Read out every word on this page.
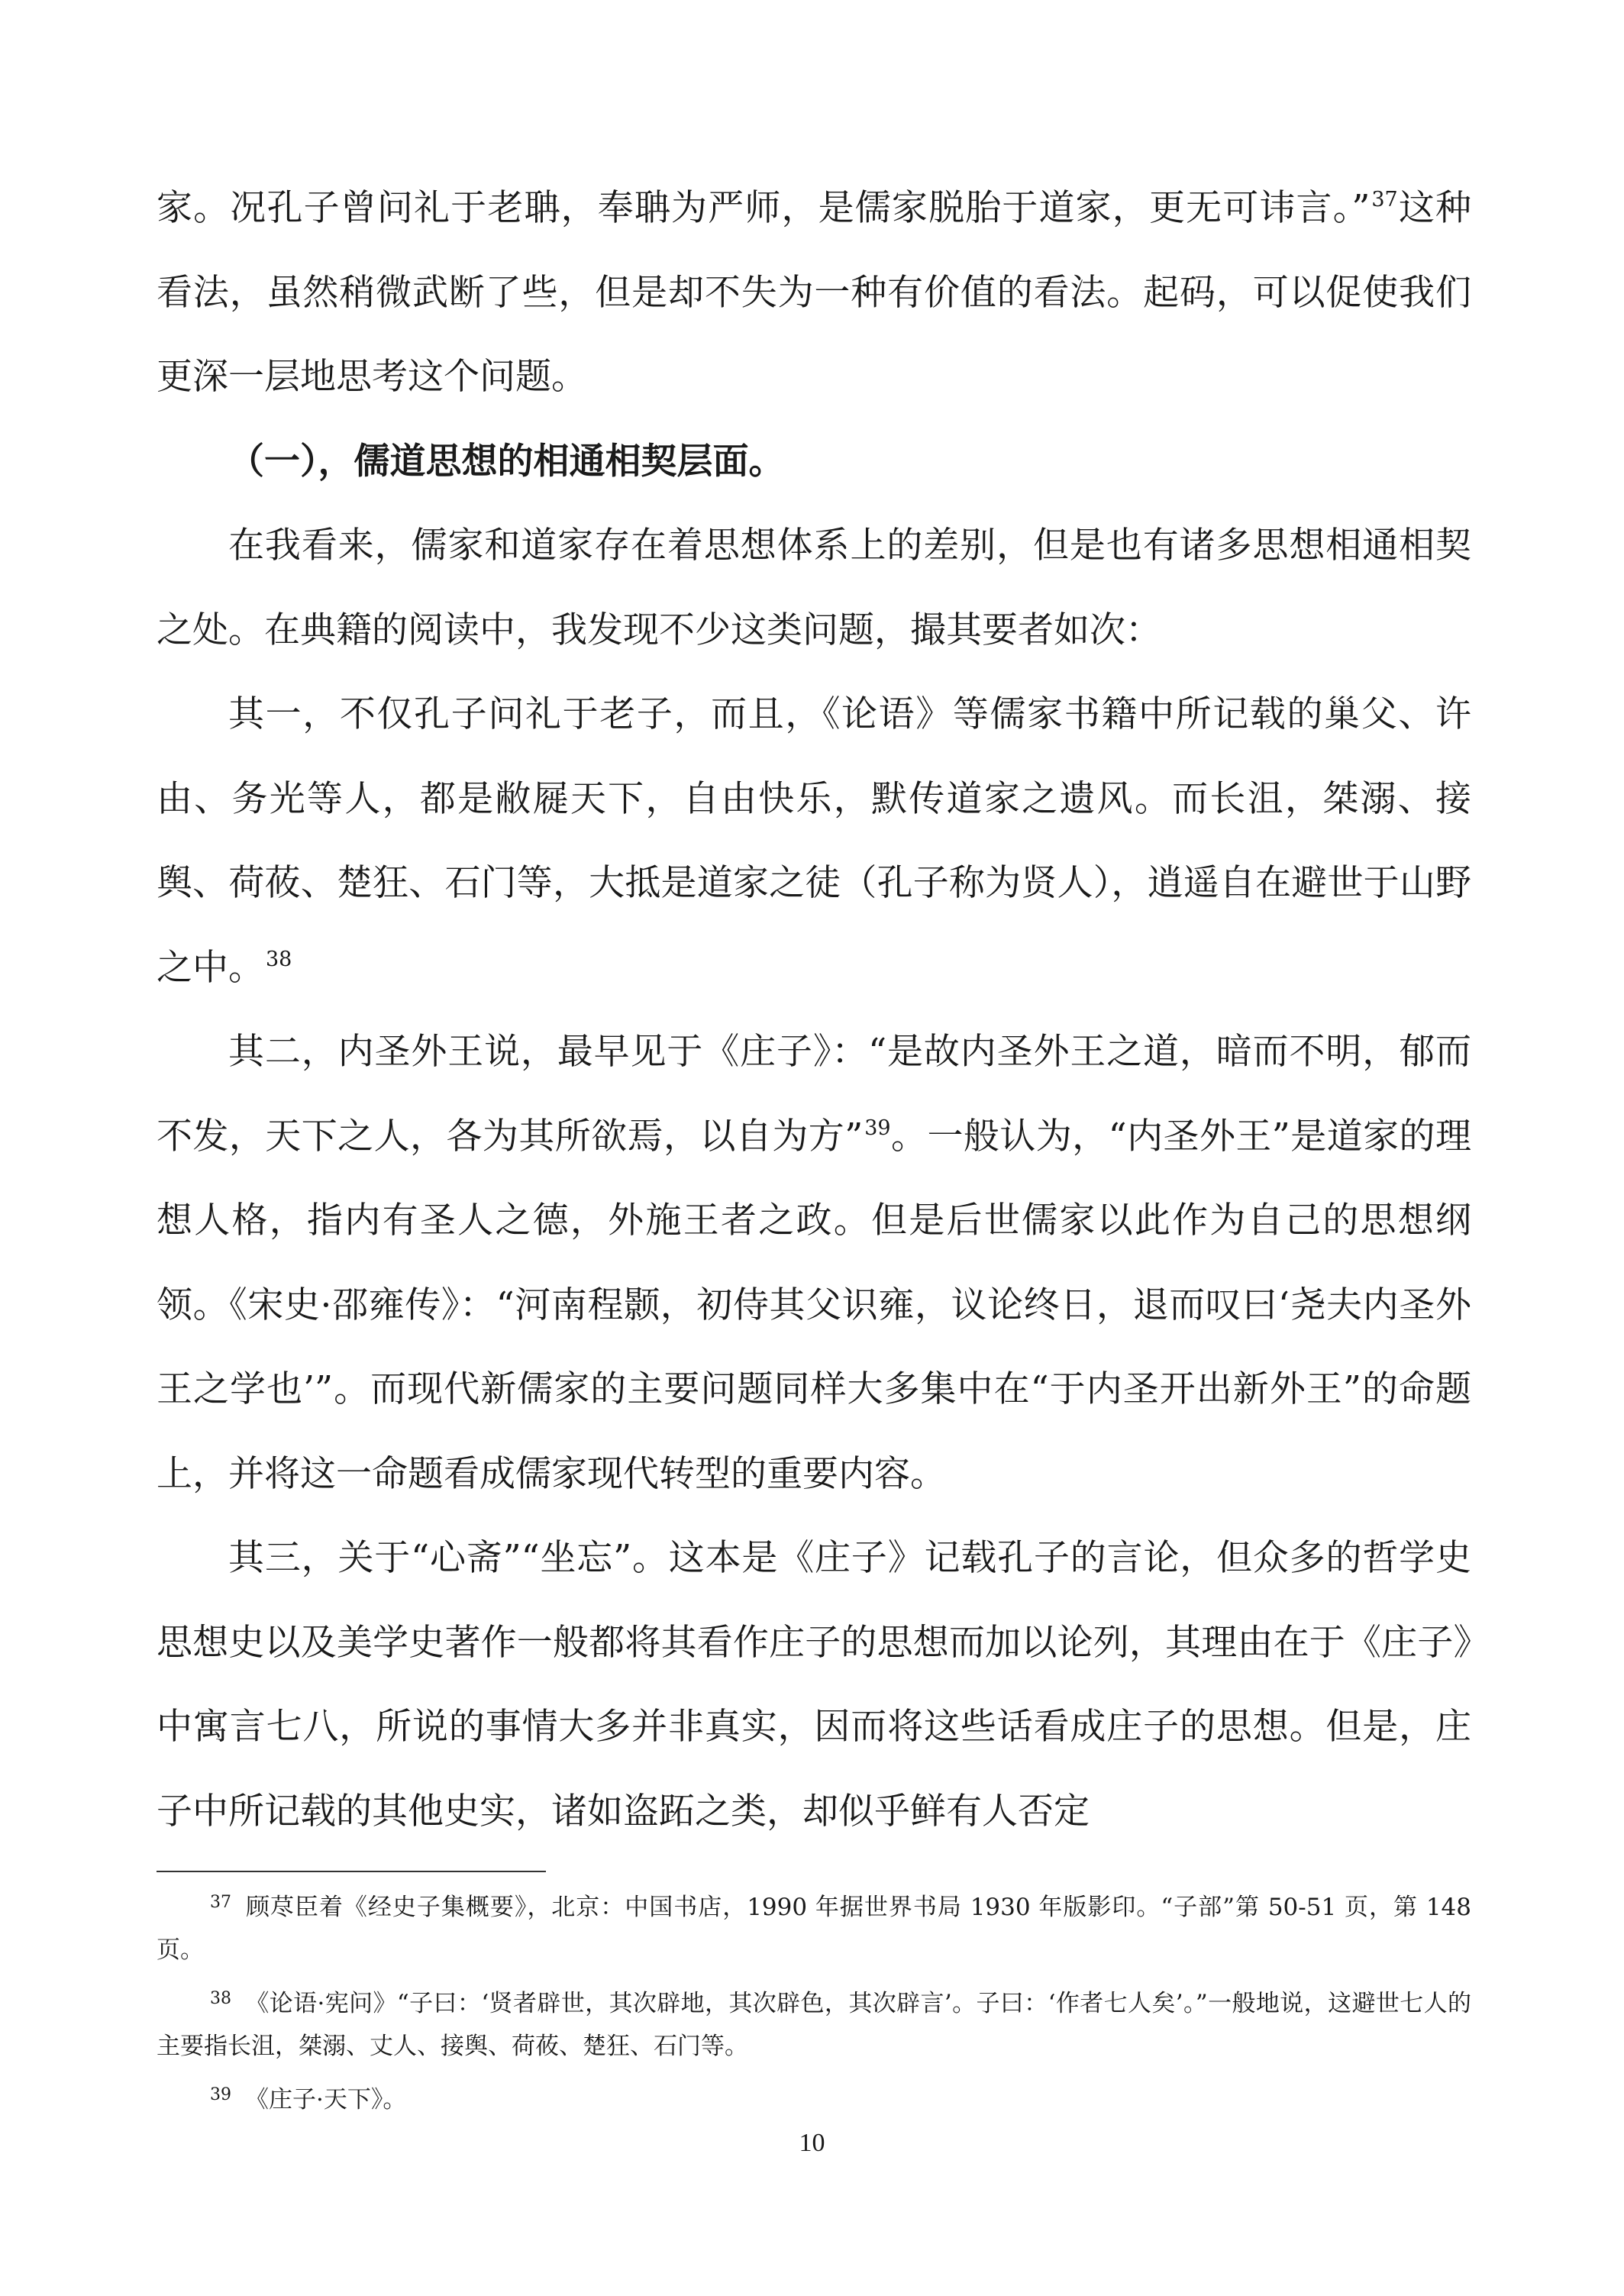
家。况孔子曾问礼于老聃，奉聃为严师，是儒家脱胎于道家，更无可讳言。”$^{37}$这种看法，虽然稍微武断了些，但是却不失为一种有价值的看法。起码，可以促使我们更深一层地思考这个问题。

（一），儒道思想的相通相契层面。

在我看来，儒家和道家存在着思想体系上的差别，但是也有诸多思想相通相契之处。在典籍的阅读中，我发现不少这类问题，撮其要者如次：

其一，不仅孔子问礼于老子，而且，《论语》等儒家书籍中所记载的巢父、许由、务光等人，都是敝屣天下，自由快乐，默传道家之遗风。而长沮，桀溺、接舆、荷莜、楚狂、石门等，大抵是道家之徒（孔子称为贤人），逍遥自在避世于山野之中。$^{38}$

其二，内圣外王说，最早见于《庄子》：“是故内圣外王之道，暗而不明，郁而不发，天下之人，各为其所欲焉，以自为方”$^{39}$。一般认为，“内圣外王”是道家的理想人格，指内有圣人之德，外施王者之政。但是后世儒家以此作为自己的思想纲领。《宋史·邵雍传》：“河南程颢，初侍其父识雍，议论终日，退而叹曰‘尧夫内圣外王之学也’”。而现代新儒家的主要问题同样大多集中在“于内圣开出新外王”的命题上，并将这一命题看成儒家现代转型的重要内容。

其三，关于“心斋”“坐忘”。这本是《庄子》记载孔子的言论，但众多的哲学史思想史以及美学史著作一般都将其看作庄子的思想而加以论列，其理由在于《庄子》中寓言七八，所说的事情大多并非真实，因而将这些话看成庄子的思想。但是，庄子中所记载的其他史实，诸如盗跖之类，却似乎鲜有人否定

$^{37}$ 顾荩臣着《经史子集概要》，北京：中国书店，1990 年据世界书局 1930 年版影印。“子部”第 50-51 页，第 148 页。

$^{38}$ 《论语·宪问》“子曰：‘贤者辟世，其次辟地，其次辟色，其次辟言’。子曰：‘作者七人矣’。”一般地说，这避世七人的主要指长沮，桀溺、丈人、接舆、荷莜、楚狂、石门等。

$^{39}$ 《庄子·天下》。

10
